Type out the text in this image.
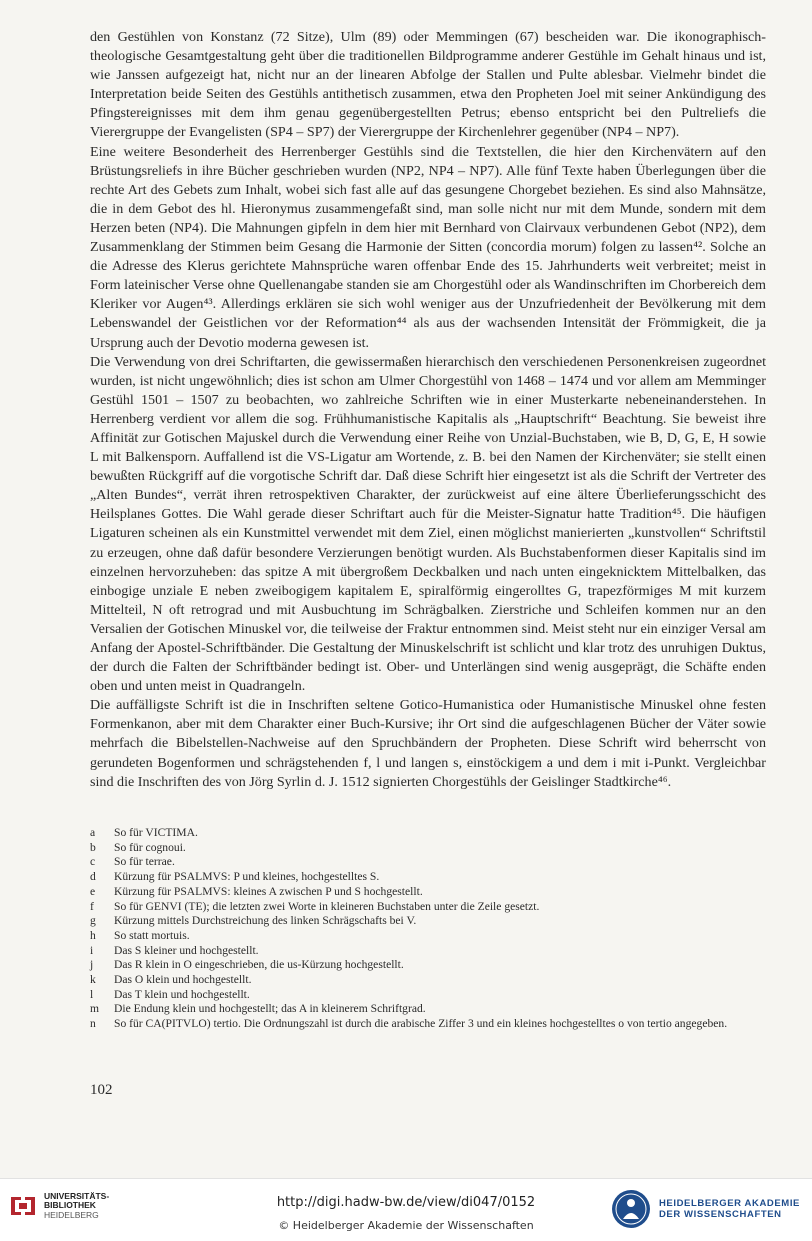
den Gestühlen von Konstanz (72 Sitze), Ulm (89) oder Memmingen (67) bescheiden war. Die ikonographisch-theologische Gesamtgestaltung geht über die traditionellen Bildprogramme anderer Gestühle im Gehalt hinaus und ist, wie Janssen aufgezeigt hat, nicht nur an der linearen Abfolge der Stallen und Pulte ablesbar. Vielmehr bindet die Interpretation beide Seiten des Gestühls antithetisch zusammen, etwa den Propheten Joel mit seiner Ankündigung des Pfingstereignisses mit dem ihm genau gegenübergestellten Petrus; ebenso entspricht bei den Pultreliefs die Vierergruppe der Evangelisten (SP4 – SP7) der Vierergruppe der Kirchenlehrer gegenüber (NP4 – NP7).

Eine weitere Besonderheit des Herrenberger Gestühls sind die Textstellen, die hier den Kirchenvätern auf den Brüstungsreliefs in ihre Bücher geschrieben wurden (NP2, NP4 – NP7). Alle fünf Texte haben Überlegungen über die rechte Art des Gebets zum Inhalt, wobei sich fast alle auf das gesungene Chorgebet beziehen. Es sind also Mahnsätze, die in dem Gebot des hl. Hieronymus zusammengefaßt sind, man solle nicht nur mit dem Munde, sondern mit dem Herzen beten (NP4). Die Mahnungen gipfeln in dem hier mit Bernhard von Clairvaux verbundenen Gebot (NP2), dem Zusammenklang der Stimmen beim Gesang die Harmonie der Sitten (concordia morum) folgen zu lassen⁴². Solche an die Adresse des Klerus gerichtete Mahnsprüche waren offenbar Ende des 15. Jahrhunderts weit verbreitet; meist in Form lateinischer Verse ohne Quellenangabe standen sie am Chorgestühl oder als Wandinschriften im Chorbereich dem Kleriker vor Augen⁴³. Allerdings erklären sie sich wohl weniger aus der Unzufriedenheit der Bevölkerung mit dem Lebenswandel der Geistlichen vor der Reformation⁴⁴ als aus der wachsenden Intensität der Frömmigkeit, die ja Ursprung auch der Devotio moderna gewesen ist.

Die Verwendung von drei Schriftarten, die gewissermaßen hierarchisch den verschiedenen Personenkreisen zugeordnet wurden, ist nicht ungewöhnlich; dies ist schon am Ulmer Chorgestühl von 1468 – 1474 und vor allem am Memminger Gestühl 1501 – 1507 zu beobachten, wo zahlreiche Schriften wie in einer Musterkarte nebeneinanderstehen. In Herrenberg verdient vor allem die sog. Frühhumanistische Kapitalis als „Hauptschrift“ Beachtung. Sie beweist ihre Affinität zur Gotischen Majuskel durch die Verwendung einer Reihe von Unzial-Buchstaben, wie B, D, G, E, H sowie L mit Balkensporn. Auffallend ist die VS-Ligatur am Wortende, z. B. bei den Namen der Kirchenväter; sie stellt einen bewußten Rückgriff auf die vorgotische Schrift dar. Daß diese Schrift hier eingesetzt ist als die Schrift der Vertreter des „Alten Bundes“, verrät ihren retrospektiven Charakter, der zurückweist auf eine ältere Überlieferungsschicht des Heilsplanes Gottes. Die Wahl gerade dieser Schriftart auch für die Meister-Signatur hatte Tradition⁴⁵. Die häufigen Ligaturen scheinen als ein Kunstmittel verwendet mit dem Ziel, einen möglichst manierierten „kunstvollen“ Schriftstil zu erzeugen, ohne daß dafür besondere Verzierungen benötigt wurden. Als Buchstabenformen dieser Kapitalis sind im einzelnen hervorzuheben: das spitze A mit übergroßem Deckbalken und nach unten eingeknicktem Mittelbalken, das einbogige unziale E neben zweibogigem kapitalem E, spiralförmig eingerolltes G, trapezförmiges M mit kurzem Mittelteil, N oft retrograd und mit Ausbuchtung im Schrägbalken. Zierstriche und Schleifen kommen nur an den Versalien der Gotischen Minuskel vor, die teilweise der Fraktur entnommen sind. Meist steht nur ein einziger Versal am Anfang der Apostel-Schriftbänder. Die Gestaltung der Minuskelschrift ist schlicht und klar trotz des unruhigen Duktus, der durch die Falten der Schriftbänder bedingt ist. Ober- und Unterlängen sind wenig ausgeprägt, die Schäfte enden oben und unten meist in Quadrangeln.

Die auffälligste Schrift ist die in Inschriften seltene Gotico-Humanistica oder Humanistische Minuskel ohne festen Formenkanon, aber mit dem Charakter einer Buch-Kursive; ihr Ort sind die aufgeschlagenen Bücher der Väter sowie mehrfach die Bibelstellen-Nachweise auf den Spruchbändern der Propheten. Diese Schrift wird beherrscht von gerundeten Bogenformen und schrägstehenden f, l und langen s, einstöckigem a und dem i mit i-Punkt. Vergleichbar sind die Inschriften des von Jörg Syrlin d. J. 1512 signierten Chorgestühls der Geislinger Stadtkirche⁴⁶.

a	So für VICTIMA.
b	So für cognoui.
c	So für terrae.
d	Kürzung für PSALMVS: P und kleines, hochgestelltes S.
e	Kürzung für PSALMVS: kleines A zwischen P und S hochgestellt.
f	So für GENVI (TE); die letzten zwei Worte in kleineren Buchstaben unter die Zeile gesetzt.
g	Kürzung mittels Durchstreichung des linken Schrägschafts bei V.
h	So statt mortuis.
i	Das S kleiner und hochgestellt.
j	Das R klein in O eingeschrieben, die us-Kürzung hochgestellt.
k	Das O klein und hochgestellt.
l	Das T klein und hochgestellt.
m	Die Endung klein und hochgestellt; das A in kleinerem Schriftgrad.
n	So für CA(PITVLO) tertio. Die Ordnungszahl ist durch die arabische Ziffer 3 und ein kleines hochgestelltes o von tertio angegeben.
102
UNIVERSITÄTS-
BIBLIOTHEK
HEIDELBERG
http://digi.hadw-bw.de/view/di047/0152
© Heidelberger Akademie der Wissenschaften
HEIDELBERGER AKADEMIE
DER WISSENSCHAFTEN
